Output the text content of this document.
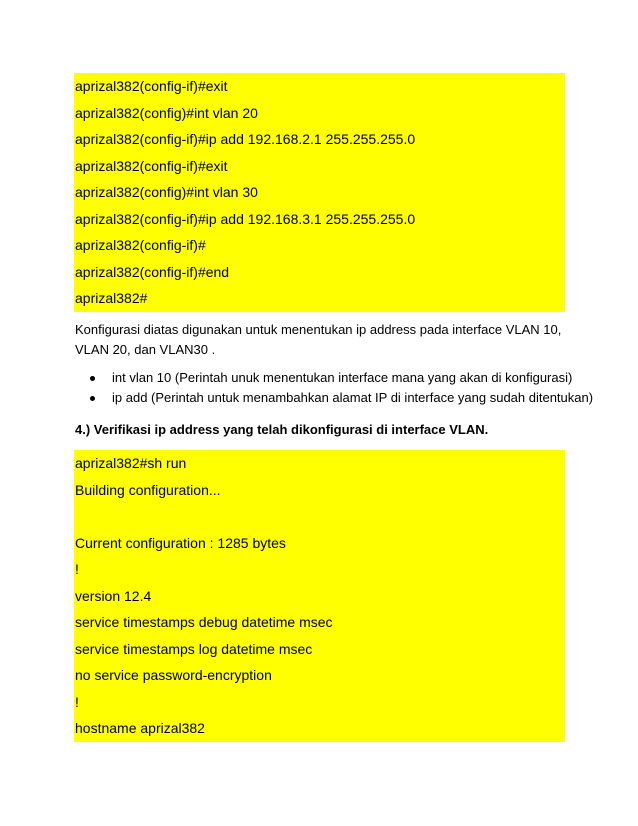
aprizal382(config-if)#exit
aprizal382(config)#int vlan 20
aprizal382(config-if)#ip add 192.168.2.1 255.255.255.0
aprizal382(config-if)#exit
aprizal382(config)#int vlan 30
aprizal382(config-if)#ip add 192.168.3.1 255.255.255.0
aprizal382(config-if)#
aprizal382(config-if)#end
aprizal382#
Konfigurasi diatas digunakan untuk menentukan ip address pada interface VLAN 10, VLAN 20, dan VLAN30 .
int vlan 10 (Perintah unuk menentukan interface mana yang akan di konfigurasi)
ip add (Perintah untuk menambahkan alamat IP di interface yang sudah ditentukan)
4.) Verifikasi ip address yang telah dikonfigurasi di interface VLAN.
aprizal382#sh run
Building configuration...
Current configuration : 1285 bytes
!
version 12.4
service timestamps debug datetime msec
service timestamps log datetime msec
no service password-encryption
!
hostname aprizal382
